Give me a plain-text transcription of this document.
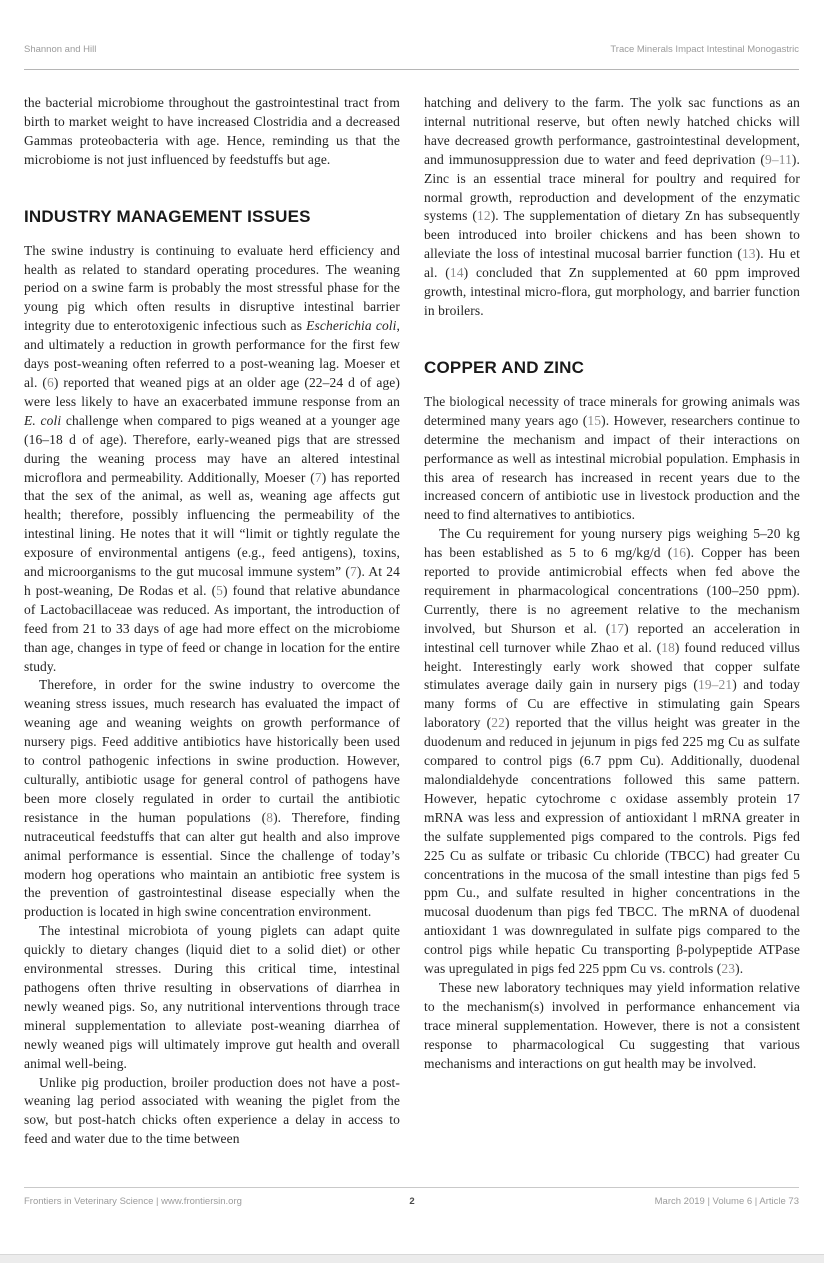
Shannon and Hill	Trace Minerals Impact Intestinal Monogastric

the bacterial microbiome throughout the gastrointestinal tract from birth to market weight to have increased Clostridia and a decreased Gammas proteobacteria with age. Hence, reminding us that the microbiome is not just influenced by feedstuffs but age.

INDUSTRY MANAGEMENT ISSUES

The swine industry is continuing to evaluate herd efficiency and health as related to standard operating procedures. The weaning period on a swine farm is probably the most stressful phase for the young pig which often results in disruptive intestinal barrier integrity due to enterotoxigenic infectious such as Escherichia coli, and ultimately a reduction in growth performance for the first few days post-weaning often referred to a post-weaning lag. Moeser et al. (6) reported that weaned pigs at an older age (22–24 d of age) were less likely to have an exacerbated immune response from an E. coli challenge when compared to pigs weaned at a younger age (16–18 d of age). Therefore, early-weaned pigs that are stressed during the weaning process may have an altered intestinal microflora and permeability. Additionally, Moeser (7) has reported that the sex of the animal, as well as, weaning age affects gut health; therefore, possibly influencing the permeability of the intestinal lining. He notes that it will “limit or tightly regulate the exposure of environmental antigens (e.g., feed antigens), toxins, and microorganisms to the gut mucosal immune system” (7). At 24 h post-weaning, De Rodas et al. (5) found that relative abundance of Lactobacillaceae was reduced. As important, the introduction of feed from 21 to 33 days of age had more effect on the microbiome than age, changes in type of feed or change in location for the entire study.

Therefore, in order for the swine industry to overcome the weaning stress issues, much research has evaluated the impact of weaning age and weaning weights on growth performance of nursery pigs. Feed additive antibiotics have historically been used to control pathogenic infections in swine production. However, culturally, antibiotic usage for general control of pathogens have been more closely regulated in order to curtail the antibiotic resistance in the human populations (8). Therefore, finding nutraceutical feedstuffs that can alter gut health and also improve animal performance is essential. Since the challenge of today’s modern hog operations who maintain an antibiotic free system is the prevention of gastrointestinal disease especially when the production is located in high swine concentration environment.

The intestinal microbiota of young piglets can adapt quite quickly to dietary changes (liquid diet to a solid diet) or other environmental stresses. During this critical time, intestinal pathogens often thrive resulting in observations of diarrhea in newly weaned pigs. So, any nutritional interventions through trace mineral supplementation to alleviate post-weaning diarrhea of newly weaned pigs will ultimately improve gut health and overall animal well-being.

Unlike pig production, broiler production does not have a post-weaning lag period associated with weaning the piglet from the sow, but post-hatch chicks often experience a delay in access to feed and water due to the time between

hatching and delivery to the farm. The yolk sac functions as an internal nutritional reserve, but often newly hatched chicks will have decreased growth performance, gastrointestinal development, and immunosuppression due to water and feed deprivation (9–11). Zinc is an essential trace mineral for poultry and required for normal growth, reproduction and development of the enzymatic systems (12). The supplementation of dietary Zn has subsequently been introduced into broiler chickens and has been shown to alleviate the loss of intestinal mucosal barrier function (13). Hu et al. (14) concluded that Zn supplemented at 60 ppm improved growth, intestinal micro-flora, gut morphology, and barrier function in broilers.

COPPER AND ZINC

The biological necessity of trace minerals for growing animals was determined many years ago (15). However, researchers continue to determine the mechanism and impact of their interactions on performance as well as intestinal microbial population. Emphasis in this area of research has increased in recent years due to the increased concern of antibiotic use in livestock production and the need to find alternatives to antibiotics.

The Cu requirement for young nursery pigs weighing 5–20 kg has been established as 5 to 6 mg/kg/d (16). Copper has been reported to provide antimicrobial effects when fed above the requirement in pharmacological concentrations (100–250 ppm). Currently, there is no agreement relative to the mechanism involved, but Shurson et al. (17) reported an acceleration in intestinal cell turnover while Zhao et al. (18) found reduced villus height. Interestingly early work showed that copper sulfate stimulates average daily gain in nursery pigs (19–21) and today many forms of Cu are effective in stimulating gain Spears laboratory (22) reported that the villus height was greater in the duodenum and reduced in jejunum in pigs fed 225 mg Cu as sulfate compared to control pigs (6.7 ppm Cu). Additionally, duodenal malondialdehyde concentrations followed this same pattern. However, hepatic cytochrome c oxidase assembly protein 17 mRNA was less and expression of antioxidant l mRNA greater in the sulfate supplemented pigs compared to the controls. Pigs fed 225 Cu as sulfate or tribasic Cu chloride (TBCC) had greater Cu concentrations in the mucosa of the small intestine than pigs fed 5 ppm Cu., and sulfate resulted in higher concentrations in the mucosal duodenum than pigs fed TBCC. The mRNA of duodenal antioxidant 1 was downregulated in sulfate pigs compared to the control pigs while hepatic Cu transporting β-polypeptide ATPase was upregulated in pigs fed 225 ppm Cu vs. controls (23).

These new laboratory techniques may yield information relative to the mechanism(s) involved in performance enhancement via trace mineral supplementation. However, there is not a consistent response to pharmacological Cu suggesting that various mechanisms and interactions on gut health may be involved.

Frontiers in Veterinary Science | www.frontiersin.org	March 2019 | Volume 6 | Article 73
2
